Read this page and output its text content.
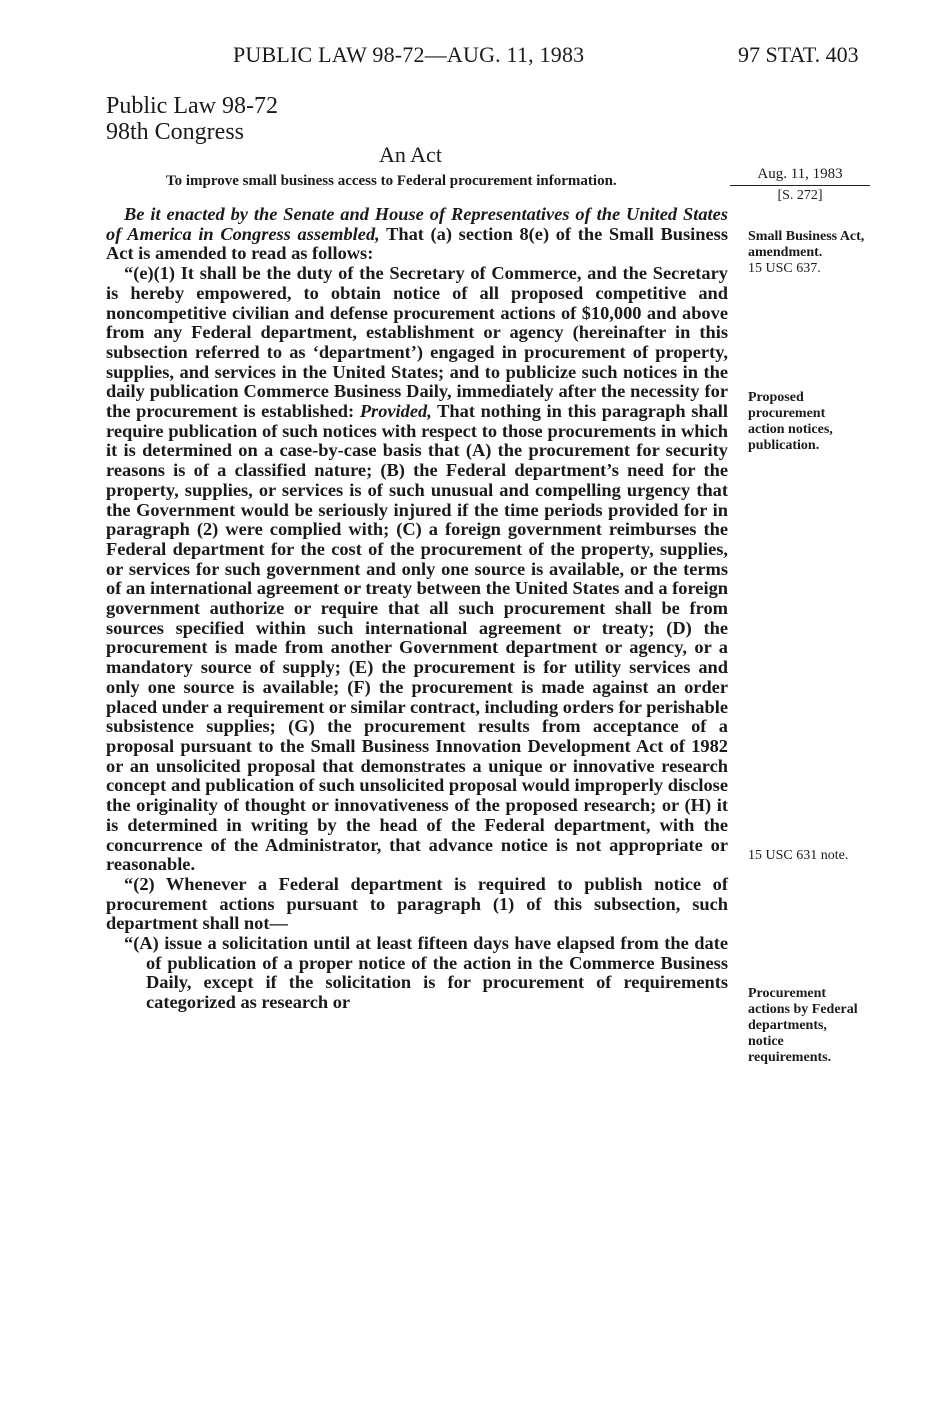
PUBLIC LAW 98-72—AUG. 11, 1983	97 STAT. 403
Public Law 98-72
98th Congress
An Act
To improve small business access to Federal procurement information.	Aug. 11, 1983
[S. 272]
Small Business Act, amendment.
15 USC 637.
Proposed procurement action notices, publication.
15 USC 631 note.
Procurement actions by Federal departments, notice requirements.

Be it enacted by the Senate and House of Representatives of the United States of America in Congress assembled, That (a) section 8(e) of the Small Business Act is amended to read as follows:

“(e)(1) It shall be the duty of the Secretary of Commerce, and the Secretary is hereby empowered, to obtain notice of all proposed competitive and noncompetitive civilian and defense procurement actions of $10,000 and above from any Federal department, establishment or agency (hereinafter in this subsection referred to as ‘department’) engaged in procurement of property, supplies, and services in the United States; and to publicize such notices in the daily publication Commerce Business Daily, immediately after the necessity for the procurement is established: Provided, That nothing in this paragraph shall require publication of such notices with respect to those procurements in which it is determined on a case-by-case basis that (A) the procurement for security reasons is of a classified nature; (B) the Federal department’s need for the property, supplies, or services is of such unusual and compelling urgency that the Government would be seriously injured if the time periods provided for in paragraph (2) were complied with; (C) a foreign government reimburses the Federal department for the cost of the procurement of the property, supplies, or services for such government and only one source is available, or the terms of an international agreement or treaty between the United States and a foreign government authorize or require that all such procurement shall be from sources specified within such international agreement or treaty; (D) the procurement is made from another Government department or agency, or a mandatory source of supply; (E) the procurement is for utility services and only one source is available; (F) the procurement is made against an order placed under a requirement or similar contract, including orders for perishable subsistence supplies; (G) the procurement results from acceptance of a proposal pursuant to the Small Business Innovation Development Act of 1982 or an unsolicited proposal that demonstrates a unique or innovative research concept and publication of such unsolicited proposal would improperly disclose the originality of thought or innovativeness of the proposed research; or (H) it is determined in writing by the head of the Federal department, with the concurrence of the Administrator, that advance notice is not appropriate or reasonable.

“(2) Whenever a Federal department is required to publish notice of procurement actions pursuant to paragraph (1) of this subsection, such department shall not—

“(A) issue a solicitation until at least fifteen days have elapsed from the date of publication of a proper notice of the action in the Commerce Business Daily, except if the solicitation is for procurement of requirements categorized as research or
